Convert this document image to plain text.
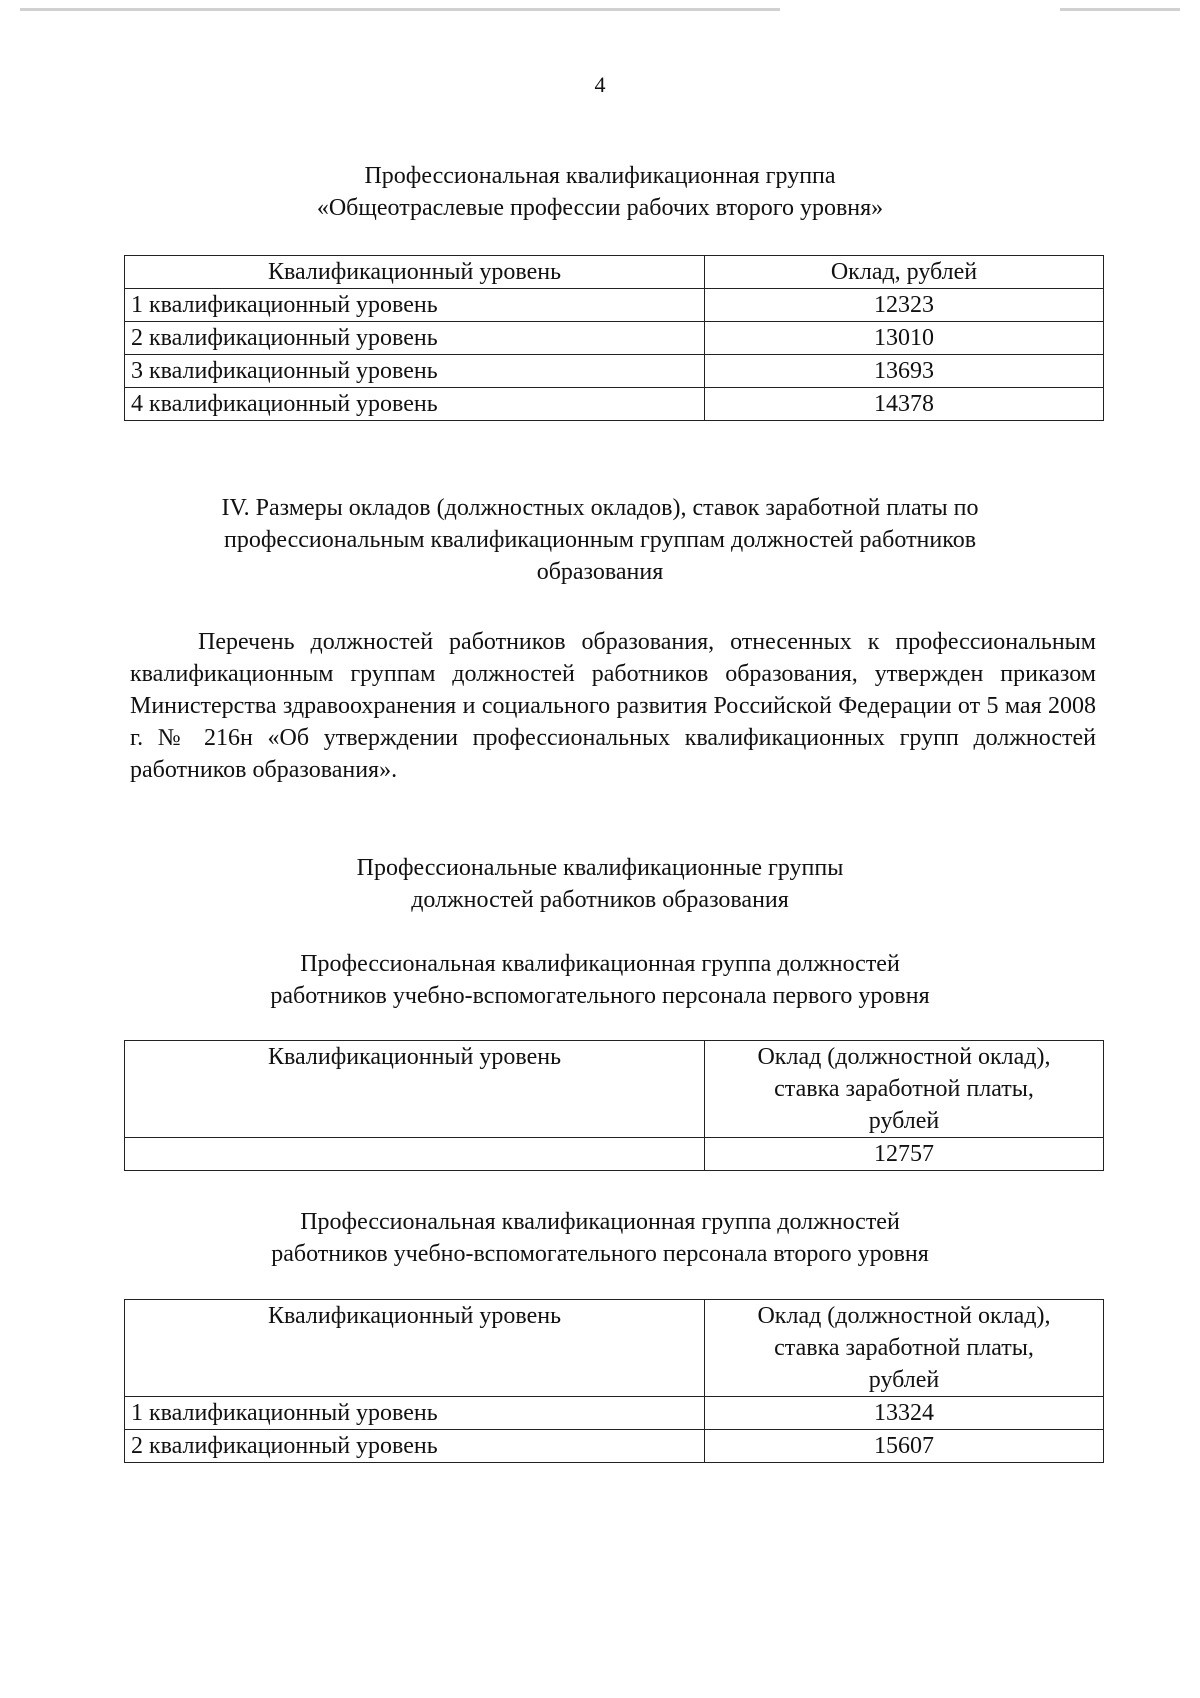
4
Профессиональная квалификационная группа
«Общеотраслевые профессии рабочих второго уровня»
Квалификационный уровень	Оклад, рублей
1 квалификационный уровень	12323
2 квалификационный уровень	13010
3 квалификационный уровень	13693
4 квалификационный уровень	14378
IV. Размеры окладов (должностных окладов), ставок заработной платы по
профессиональным квалификационным группам должностей работников
образования

Перечень должностей работников образования, отнесенных к профессиональным квалификационным группам должностей работников образования, утвержден приказом Министерства здравоохранения и социального развития Российской Федерации от 5 мая 2008 г. № 216н «Об утверждении профессиональных квалификационных групп должностей работников образования».

Профессиональные квалификационные группы
должностей работников образования
Профессиональная квалификационная группа должностей
работников учебно-вспомогательного персонала первого уровня
Квалификационный уровень	Оклад (должностной оклад),
ставка заработной платы,
рублей

	12757
Профессиональная квалификационная группа должностей
работников учебно-вспомогательного персонала второго уровня
Квалификационный уровень	Оклад (должностной оклад),
ставка заработной платы,
рублей

1 квалификационный уровень	13324
2 квалификационный уровень	15607
